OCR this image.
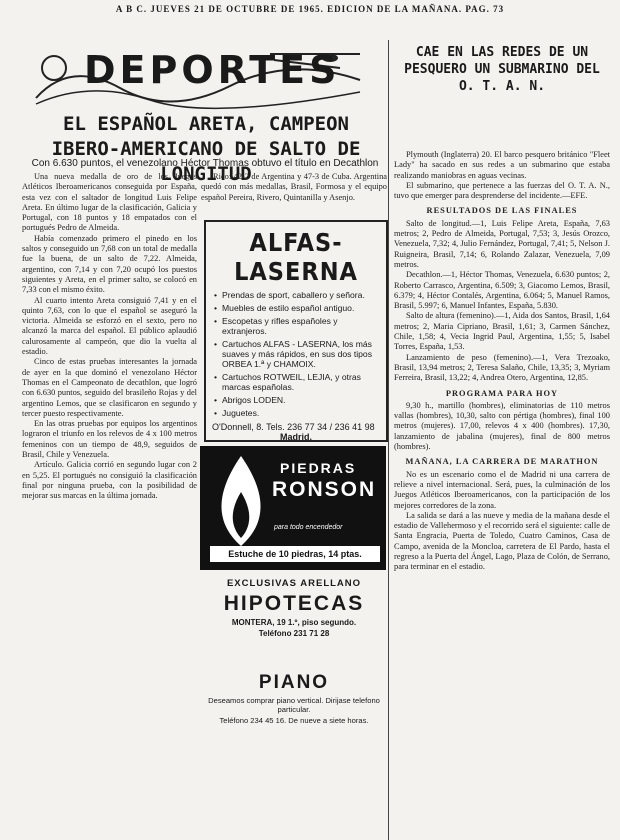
A B C. JUEVES 21 DE OCTUBRE DE 1965. EDICION DE LA MAÑANA. PAG. 73
DEPORTES	CAE EN LAS REDES DE UN PESQUERO UN SUBMARINO DEL O. T. A. N.
EL ESPAÑOL ARETA, CAMPEON IBERO-AMERICANO DE SALTO DE LONGITUD
Con 6.630 puntos, el venezolano Héctor Thomas obtuvo el título en Decathlon

Una nueva medalla de oro de los Juegos Atléticos Iberoamericanos conseguida por España, esta vez con el saltador de longitud Luis Felipe Areta. En último lugar de la clasificación, Galicia y Portugal, con 18 puntos y 18 empatados con el portugués Pedro de Almeida.

Había comenzado primero el pinedo en los saltos y conseguido un 7,68 con un total de medalla fue la buena, de un salto de 7,22. Almeida, argentino, con 7,14 y con 7,20 ocupó los puestos siguientes y Areta, en el primer salto, se colocó en 7,33 con el mismo éxito.

Al cuarto intento Areta consiguió 7,41 y en el quinto 7,63, con lo que el español se aseguró la victoria. Almeida se esforzó en el sexto, pero no alcanzó la marca del español. El público aplaudió calurosamente al campeón, que dio la vuelta al estadio.

Cinco de estas pruebas interesantes la jornada de ayer en la que dominó el venezolano Héctor Thomas en el Campeonato de decathlon, que logró con 6.630 puntos, seguido del brasileño Rojas y del argentino Lemos, que se clasificaron en segundo y tercer puesto respectivamente.

En las otras pruebas por equipos los argentinos lograron el triunfo en los relevos de 4 x 100 metros femeninos con un tiempo de 48,9, seguidos de Brasil, Chile y Venezuela.

Artículo. Galicia corrió en segundo lugar con 2 en 5,25. El portugués no consiguió la clasificación final por ninguna prueba, con la posibilidad de mejorar sus marcas en la última jornada.

Rico: 42-2 de Argentina y 47-3 de Cuba. Argentina quedó con más medallas, Brasil, Formosa y el equipo español Pereira, Rivero, Quintanilla y Asenjo.

ALFAS-LASERNA
• Prendas de sport, caballero y señora.
• Muebles de estilo español antiguo.
• Escopetas y rifles españoles y extranjeros.
• Cartuchos ALFAS - LASERNA, los más suaves y más rápidos, en sus dos tipos ORBEA 1.ª y CHAMOIX.
• Cartuchos ROTWEIL, LEJIA, y otras marcas españolas.
• Abrigos LODEN.
• Juguetes.
O'Donnell, 8. Tels. 236 77 34 / 236 41 98
Madrid.
PIEDRAS
RONSON
para todo encendedor
Estuche de 10 piedras, 14 ptas.
EXCLUSIVAS ARELLANO
HIPOTECAS
MONTERA, 19 1.º, piso segundo.
Teléfono 231 71 28
PIANO
Deseamos comprar piano vertical. Dirijase telefono particular.
Teléfono 234 45 16. De nueve a siete horas.

Plymouth (Inglaterra) 20. El barco pesquero británico "Fleet Lady" ha sacado en sus redes a un submarino que estaba realizando maniobras en aguas vecinas.

El submarino, que pertenece a las fuerzas del O. T. A. N., tuvo que emerger para desprenderse del incidente.—EFE.

RESULTADOS DE LAS FINALES

Salto de longitud.—1, Luis Felipe Areta, España, 7,63 metros; 2, Pedro de Almeida, Portugal, 7,53; 3, Jesús Orozco, Venezuela, 7,32; 4, Julio Fernández, Portugal, 7,41; 5, Nelson J. Ruigneira, Brasil, 7,14; 6, Rolando Zalazar, Venezuela, 7,09 metros.

Decathlon.—1, Héctor Thomas, Venezuela, 6.630 puntos; 2, Roberto Carrasco, Argentina, 6.509; 3, Giacomo Lemos, Brasil, 6.379; 4, Héctor Contalés, Argentina, 6.064; 5, Manuel Ramos, Brasil, 5.997; 6, Manuel Infantes, España, 5.830.

Salto de altura (femenino).—1, Aida dos Santos, Brasil, 1,64 metros; 2, Maria Cipriano, Brasil, 1,61; 3, Carmen Sánchez, Chile, 1,58; 4, Vecia Ingrid Paul, Argentina, 1,55; 5, Isabel Torres, España, 1,53.

Lanzamiento de peso (femenino).—1, Vera Trezoako, Brasil, 13,94 metros; 2, Teresa Salaño, Chile, 13,35; 3, Myriam Ferreira, Brasil, 13,22; 4, Andrea Otero, Argentina, 12,85.

PROGRAMA PARA HOY

9,30 h., martillo (hombres), eliminatorias de 110 metros vallas (hombres), 10,30, salto con pértiga (hombres), final 100 metros (mujeres). 17,00, relevos 4 x 400 (hombres). 17,30, lanzamiento de jabalina (mujeres), final de 800 metros (hombres).

MAÑANA, LA CARRERA DE MARATHON

No es un escenario como el de Madrid ni una carrera de relieve a nivel internacional. Será, pues, la culminación de los Juegos Atléticos Iberoamericanos, con la participación de los mejores corredores de la zona.

La salida se dará a las nueve y media de la mañana desde el estadio de Vallehermoso y el recorrido será el siguiente: calle de Santa Engracia, Puerta de Toledo, Cuatro Caminos, Casa de Campo, avenida de la Moncloa, carretera de El Pardo, hasta el regreso a la Puerta del Ángel, Lago, Plaza de Colón, de Serrano, para terminar en el estadio.
